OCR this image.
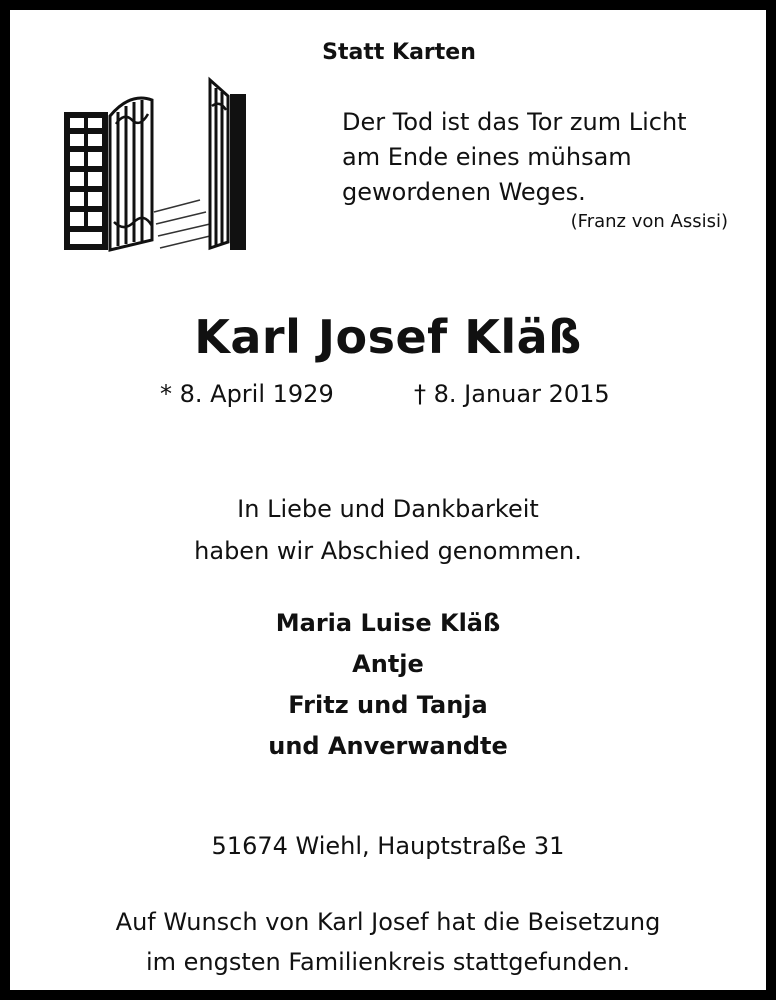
Statt Karten
Der Tod ist das Tor zum Licht
am Ende eines mühsam
gewordenen Weges.
(Franz von Assisi)
Karl Josef Kläß
* 8. April 1929	† 8. Januar 2015
In Liebe und Dankbarkeit
haben wir Abschied genommen.
Maria Luise Kläß
Antje
Fritz und Tanja
und Anverwandte
51674 Wiehl, Hauptstraße 31
Auf Wunsch von Karl Josef hat die Beisetzung
im engsten Familienkreis stattgefunden.
